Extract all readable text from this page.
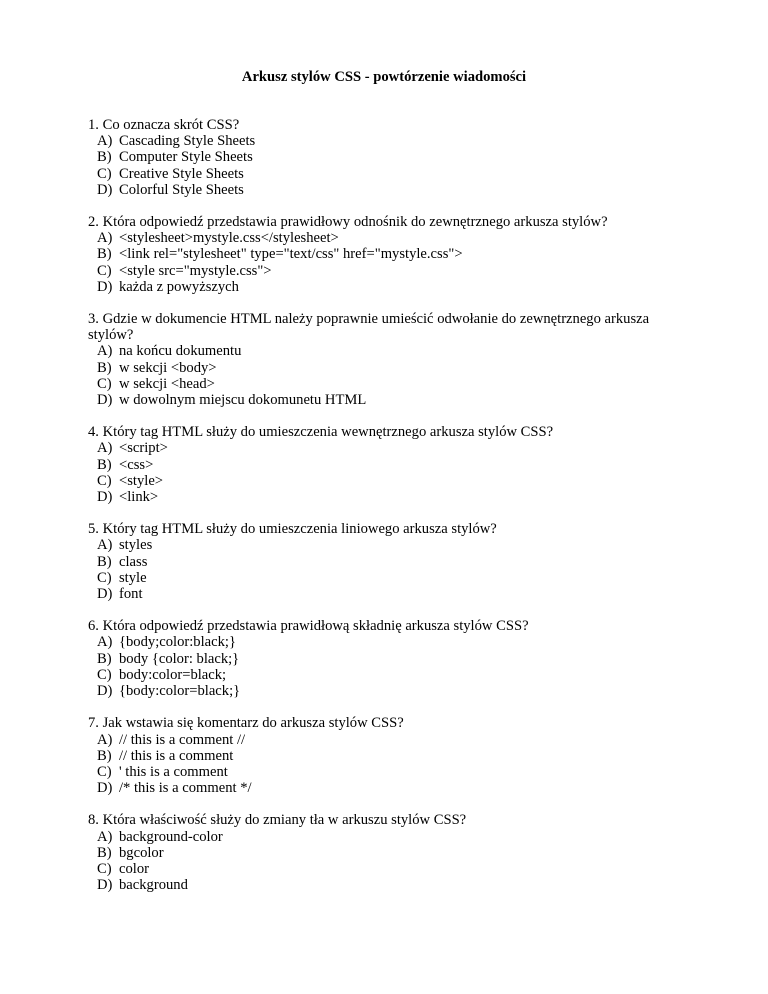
Arkusz stylów CSS - powtórzenie wiadomości

1. Co oznacza skrót CSS?

A) Cascading Style Sheets
B) Computer Style Sheets
C) Creative Style Sheets
D) Colorful Style Sheets

2. Która odpowiedź przedstawia prawidłowy odnośnik do zewnętrznego arkusza stylów?

A) <stylesheet>mystyle.css</stylesheet>
B) <link rel="stylesheet" type="text/css" href="mystyle.css">
C) <style src="mystyle.css">
D) każda z powyższych

3. Gdzie w dokumencie HTML należy poprawnie umieścić odwołanie do zewnętrznego arkusza stylów?

A) na końcu dokumentu
B) w sekcji <body>
C) w sekcji <head>
D) w dowolnym miejscu dokomunetu HTML

4. Który tag HTML służy do umieszczenia wewnętrznego arkusza stylów CSS?

A) <script>
B) <css>
C) <style>
D) <link>

5. Który tag HTML służy do umieszczenia liniowego arkusza stylów?

A) styles
B) class
C) style
D) font

6. Która odpowiedź przedstawia prawidłową składnię arkusza stylów CSS?

A) {body;color:black;}
B) body {color: black;}
C) body:color=black;
D) {body:color=black;}

7. Jak wstawia się komentarz do arkusza stylów CSS?

A) // this is a comment //
B) // this is a comment
C) ' this is a comment
D) /* this is a comment */

8. Która właściwość służy do zmiany tła w arkuszu stylów CSS?

A) background-color
B) bgcolor
C) color
D) background
